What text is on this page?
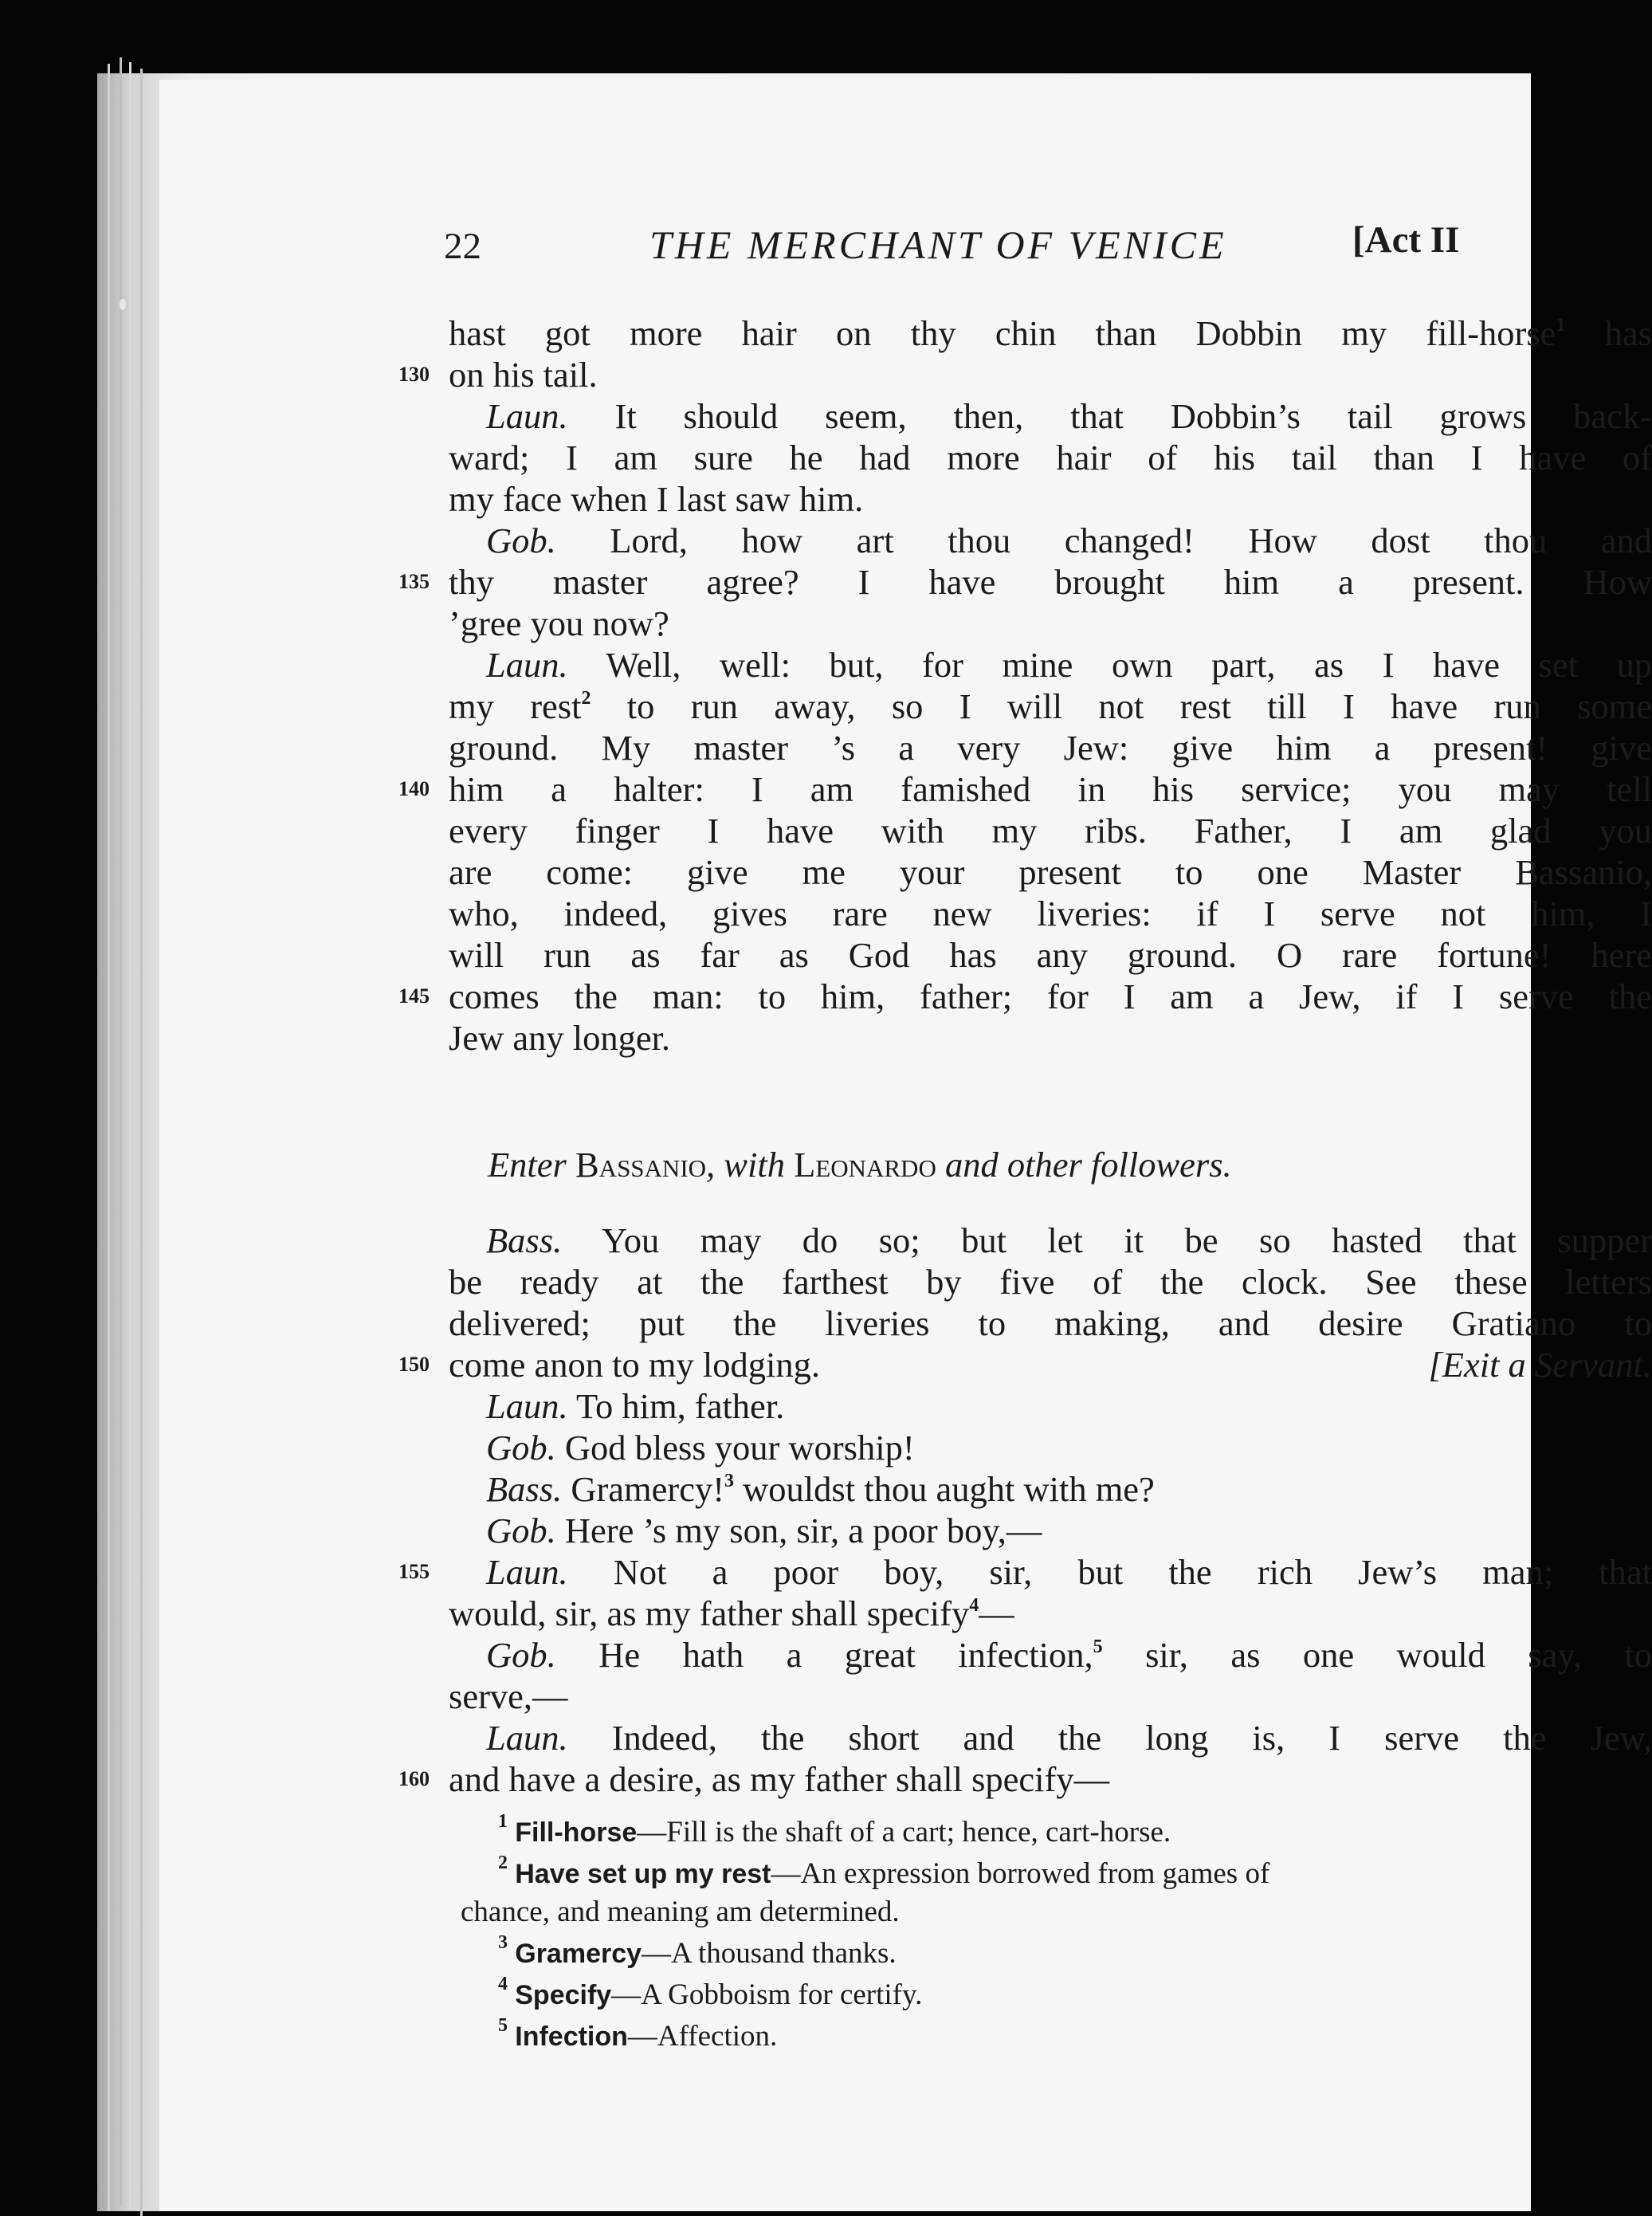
22	THE MERCHANT OF VENICE	[Act II
hast got more hair on thy chin than Dobbin my fill-horse$^1$ has
130 on his tail.
Laun. It should seem, then, that Dobbin’s tail grows back-
ward; I am sure he had more hair of his tail than I have of
my face when I last saw him.
Gob. Lord, how art thou changed! How dost thou and
135 thy master agree? I have brought him a present. How
’gree you now?
Laun. Well, well: but, for mine own part, as I have set up
my rest$^2$ to run away, so I will not rest till I have run some
ground. My master ’s a very Jew: give him a present! give
140 him a halter: I am famished in his service; you may tell
every finger I have with my ribs. Father, I am glad you
are come: give me your present to one Master Bassanio,
who, indeed, gives rare new liveries: if I serve not him, I
will run as far as God has any ground. O rare fortune! here
145 comes the man: to him, father; for I am a Jew, if I serve the
Jew any longer.
Enter Bassanio, with Leonardo and other followers.
Bass. You may do so; but let it be so hasted that supper
be ready at the farthest by five of the clock. See these letters
delivered; put the liveries to making, and desire Gratiano to
150 come anon to my lodging.	[Exit a Servant.
Laun. To him, father.
Gob. God bless your worship!
Bass. Gramercy!$^3$ wouldst thou aught with me?
Gob. Here ’s my son, sir, a poor boy,—
155	Laun. Not a poor boy, sir, but the rich Jew’s man; that
would, sir, as my father shall specify$^4$—
Gob. He hath a great infection,$^5$ sir, as one would say, to
serve,—
Laun. Indeed, the short and the long is, I serve the Jew,
160 and have a desire, as my father shall specify—
$^1$ Fill-horse—Fill is the shaft of a cart; hence, cart-horse.
$^2$ Have set up my rest—An expression borrowed from games of
chance, and meaning am determined.
$^3$ Gramercy—A thousand thanks.
$^4$ Specify—A Gobboism for certify.
$^5$ Infection—Affection.
